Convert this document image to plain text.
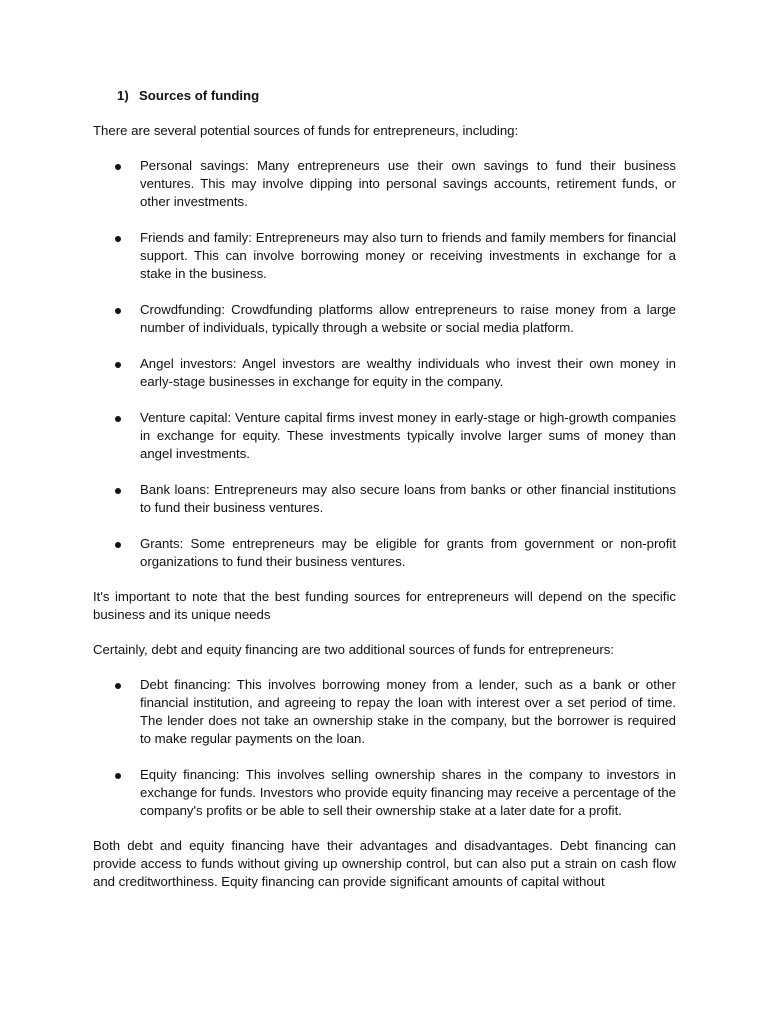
1) Sources of funding

There are several potential sources of funds for entrepreneurs, including:

Personal savings: Many entrepreneurs use their own savings to fund their business ventures. This may involve dipping into personal savings accounts, retirement funds, or other investments.
Friends and family: Entrepreneurs may also turn to friends and family members for financial support. This can involve borrowing money or receiving investments in exchange for a stake in the business.
Crowdfunding: Crowdfunding platforms allow entrepreneurs to raise money from a large number of individuals, typically through a website or social media platform.
Angel investors: Angel investors are wealthy individuals who invest their own money in early-stage businesses in exchange for equity in the company.
Venture capital: Venture capital firms invest money in early-stage or high-growth companies in exchange for equity. These investments typically involve larger sums of money than angel investments.
Bank loans: Entrepreneurs may also secure loans from banks or other financial institutions to fund their business ventures.
Grants: Some entrepreneurs may be eligible for grants from government or non-profit organizations to fund their business ventures.

It's important to note that the best funding sources for entrepreneurs will depend on the specific business and its unique needs

Certainly, debt and equity financing are two additional sources of funds for entrepreneurs:

Debt financing: This involves borrowing money from a lender, such as a bank or other financial institution, and agreeing to repay the loan with interest over a set period of time. The lender does not take an ownership stake in the company, but the borrower is required to make regular payments on the loan.
Equity financing: This involves selling ownership shares in the company to investors in exchange for funds. Investors who provide equity financing may receive a percentage of the company's profits or be able to sell their ownership stake at a later date for a profit.

Both debt and equity financing have their advantages and disadvantages. Debt financing can provide access to funds without giving up ownership control, but can also put a strain on cash flow and creditworthiness. Equity financing can provide significant amounts of capital without
